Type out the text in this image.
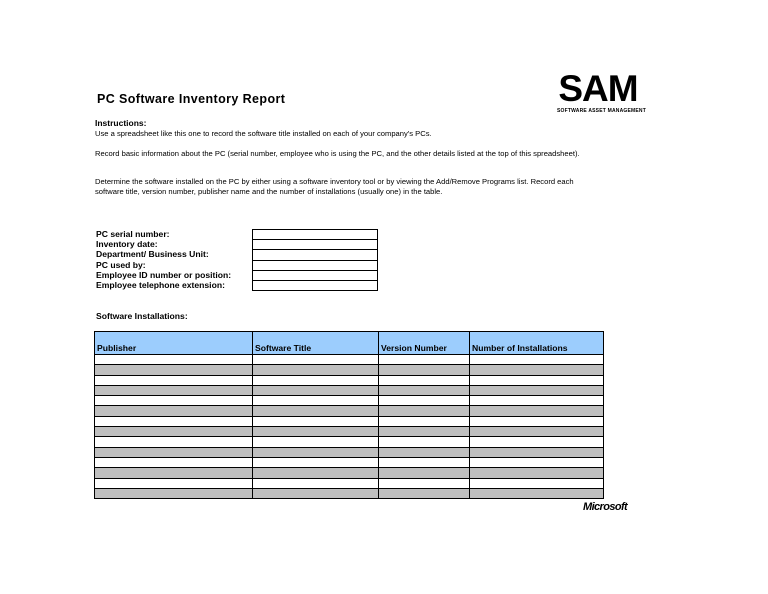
PC Software Inventory Report	SAM
SOFTWARE ASSET MANAGEMENT
Instructions:
Use a spreadsheet like this one to record the software title installed on each of your company's PCs.
Record basic information about the PC (serial number, employee who is using the PC, and the other details listed at the top of this spreadsheet).
Determine the software installed on the PC by either using a software inventory tool or by viewing the Add/Remove Programs list. Record each software title, version number, publisher name and the number of installations (usually one) in the table.
PC serial number:
Inventory date:
Department/ Business Unit:
PC used by:
Employee ID number or position:
Employee telephone extension:
Software Installations:
Publisher	Software Title	Version Number	Number of Installations

Microsoft
